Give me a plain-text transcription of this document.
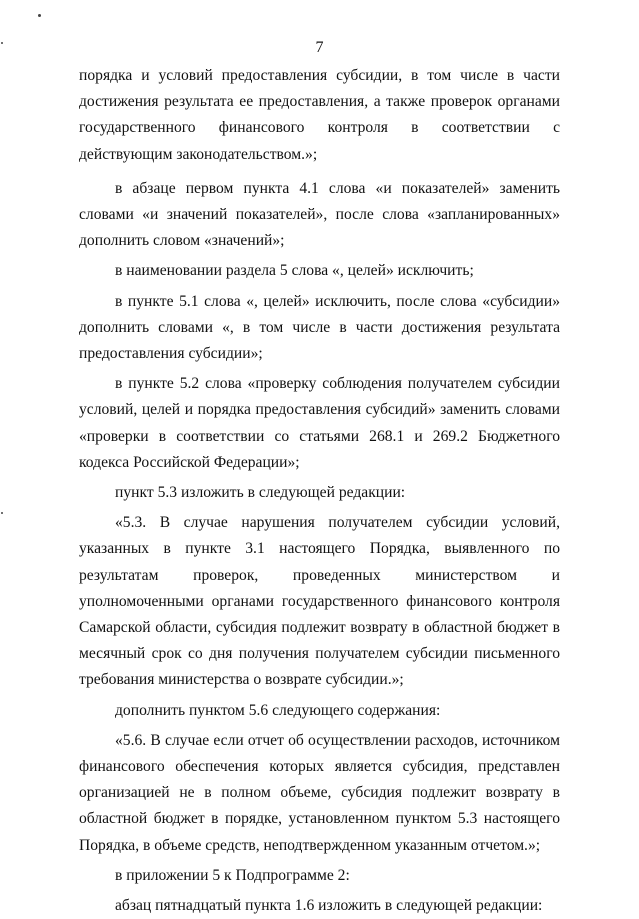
7

порядка и условий предоставления субсидии, в том числе в части достижения результата ее предоставления, а также проверок органами государственного финансового контроля в соответствии с действующим законодательством.»;

в абзаце первом пункта 4.1 слова «и показателей» заменить словами «и значений показателей», после слова «запланированных» дополнить словом «значений»;

в наименовании раздела 5 слова «, целей» исключить;

в пункте 5.1 слова «, целей» исключить, после слова «субсидии» дополнить словами «, в том числе в части достижения результата предоставления субсидии»;

в пункте 5.2 слова «проверку соблюдения получателем субсидии условий, целей и порядка предоставления субсидий» заменить словами «проверки в соответствии со статьями 268.1 и 269.2 Бюджетного кодекса Российской Федерации»;

пункт 5.3 изложить в следующей редакции:

«5.3. В случае нарушения получателем субсидии условий, указанных в пункте 3.1 настоящего Порядка, выявленного по результатам проверок, проведенных министерством и уполномоченными органами государственного финансового контроля Самарской области, субсидия подлежит возврату в областной бюджет в месячный срок со дня получения получателем субсидии письменного требования министерства о возврате субсидии.»;

дополнить пунктом 5.6 следующего содержания:

«5.6. В случае если отчет об осуществлении расходов, источником финансового обеспечения которых является субсидия, представлен организацией не в полном объеме, субсидия подлежит возврату в областной бюджет в порядке, установленном пунктом 5.3 настоящего Порядка, в объеме средств, неподтвержденном указанным отчетом.»;

в приложении 5 к Подпрограмме 2:

абзац пятнадцатый пункта 1.6 изложить в следующей редакции:
